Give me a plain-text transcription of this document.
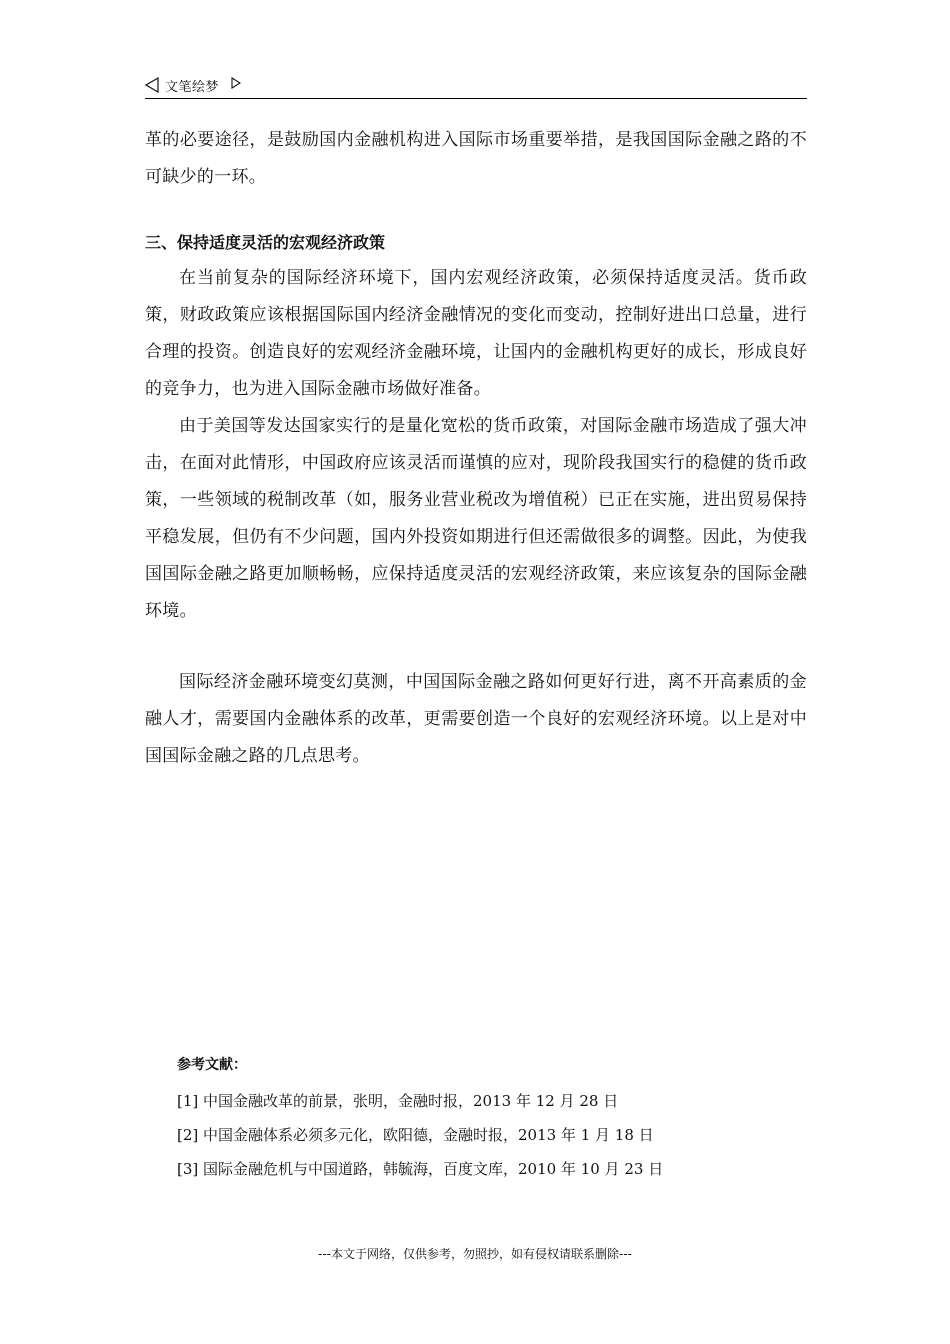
文笔绘梦

革的必要途径，是鼓励国内金融机构进入国际市场重要举措，是我国国际金融之路的不可缺少的一环。

三、保持适度灵活的宏观经济政策

在当前复杂的国际经济环境下，国内宏观经济政策，必须保持适度灵活。货币政策，财政政策应该根据国际国内经济金融情况的变化而变动，控制好进出口总量，进行合理的投资。创造良好的宏观经济金融环境，让国内的金融机构更好的成长，形成良好的竞争力，也为进入国际金融市场做好准备。

由于美国等发达国家实行的是量化宽松的货币政策，对国际金融市场造成了强大冲击，在面对此情形，中国政府应该灵活而谨慎的应对，现阶段我国实行的稳健的货币政策，一些领域的税制改革（如，服务业营业税改为增值税）已正在实施，进出贸易保持平稳发展，但仍有不少问题，国内外投资如期进行但还需做很多的调整。因此，为使我国国际金融之路更加顺畅畅，应保持适度灵活的宏观经济政策，来应该复杂的国际金融环境。

国际经济金融环境变幻莫测，中国国际金融之路如何更好行进，离不开高素质的金融人才，需要国内金融体系的改革，更需要创造一个良好的宏观经济环境。以上是对中国国际金融之路的几点思考。

参考文献：

[1] 中国金融改革的前景，张明，金融时报，2013 年 12 月 28 日

[2] 中国金融体系必须多元化，欧阳德，金融时报，2013 年 1 月 18 日

[3] 国际金融危机与中国道路，韩毓海，百度文库，2010 年 10 月 23 日

---本文于网络，仅供参考，勿照抄，如有侵权请联系删除---
